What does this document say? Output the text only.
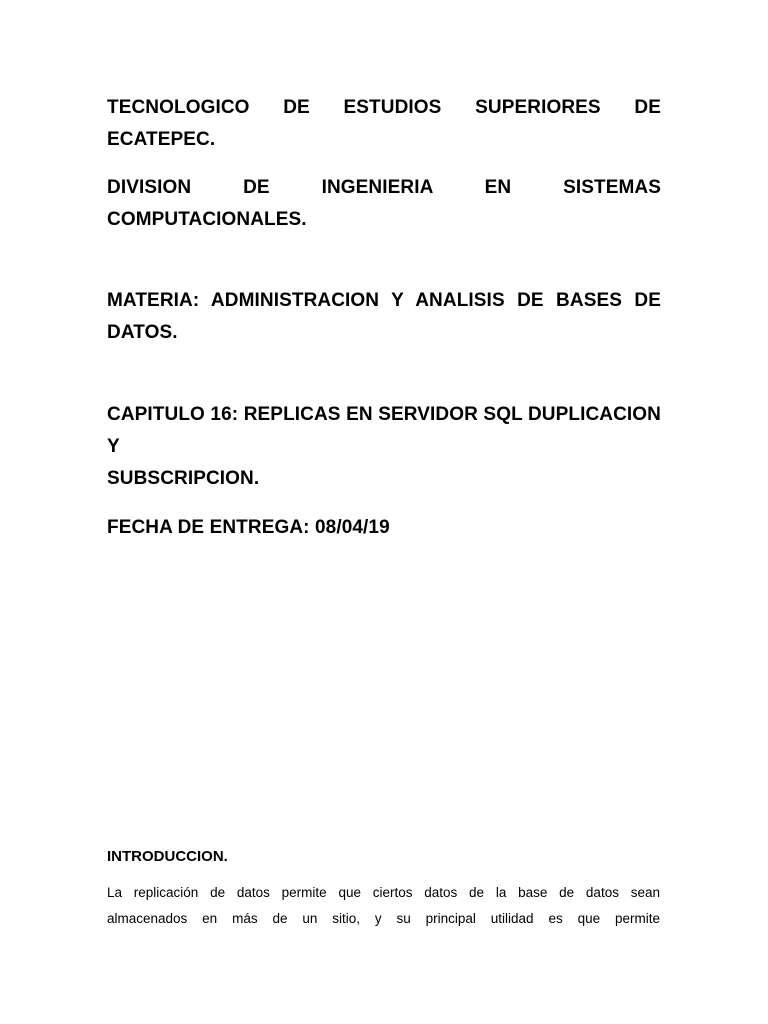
TECNOLOGICO DE ESTUDIOS SUPERIORES DE ECATEPEC.
DIVISION DE INGENIERIA EN SISTEMAS
COMPUTACIONALES.
MATERIA: ADMINISTRACION Y ANALISIS DE BASES DE
DATOS.
CAPITULO 16: REPLICAS EN SERVIDOR SQL DUPLICACION Y
SUBSCRIPCION.
FECHA DE ENTREGA: 08/04/19
INTRODUCCION.

La replicación de datos permite que ciertos datos de la base de datos sean
almacenados en más de un sitio, y su principal utilidad es que permite
